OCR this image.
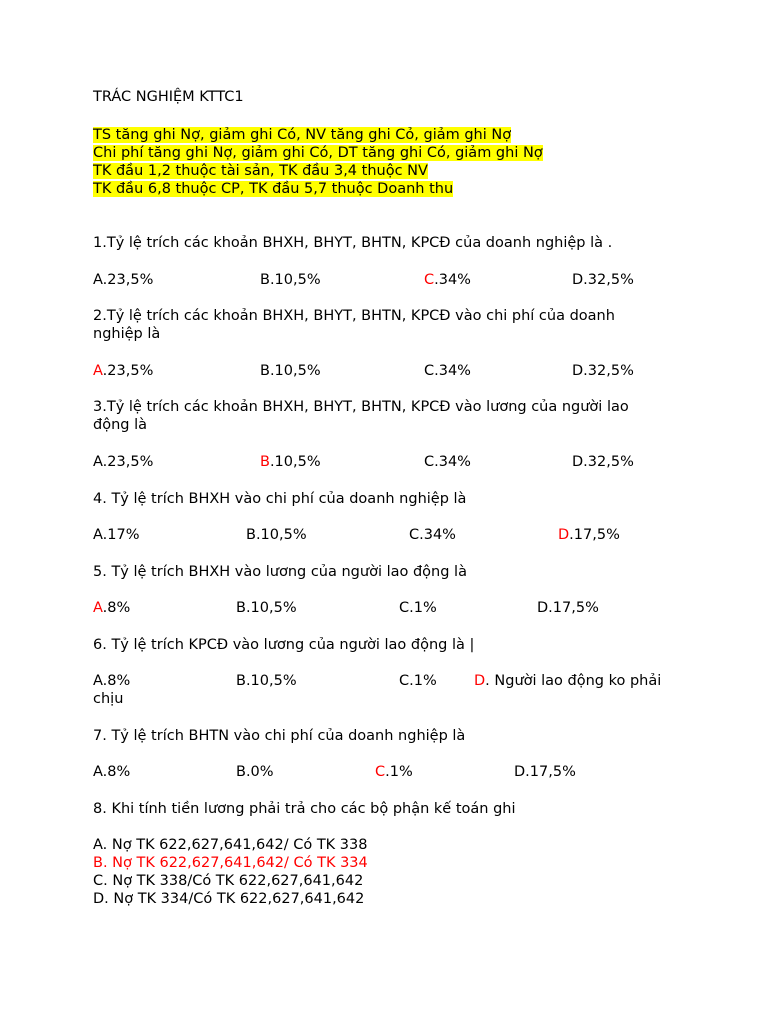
TRÁC NGHIỆM KTTC1
TS tăng ghi Nợ, giảm ghi Có, NV tăng ghi Cỏ, giảm ghi Nợ
Chi phí tăng ghi Nợ, giảm ghi Có, DT tăng ghi Có, giảm ghi Nợ
TK đầu 1,2 thuộc tài sản, TK đầu 3,4 thuộc NV
TK đầu 6,8 thuộc CP, TK đầu 5,7 thuộc Doanh thu
1.Tỷ lệ trích các khoản BHXH, BHYT, BHTN, KPCĐ của doanh nghiệp là .
A.23,5%	B.10,5%	C.34%	D.32,5%
2.Tỷ lệ trích các khoản BHXH, BHYT, BHTN, KPCĐ vào chi phí của doanh
nghiệp là
A.23,5%	B.10,5%	C.34%	D.32,5%
3.Tỷ lệ trích các khoản BHXH, BHYT, BHTN, KPCĐ vào lương của người lao
động là
A.23,5%	B.10,5%	C.34%	D.32,5%
4. Tỷ lệ trích BHXH vào chi phí của doanh nghiệp là
A.17%	B.10,5%	C.34%	D.17,5%
5. Tỷ lệ trích BHXH vào lương của người lao động là
A.8%	B.10,5%	C.1%	D.17,5%
6. Tỷ lệ trích KPCĐ vào lương của người lao động là |
A.8%	B.10,5%	C.1%	D. Người lao động ko phải
chịu
7. Tỷ lệ trích BHTN vào chi phí của doanh nghiệp là
A.8%	B.0%	C.1%	D.17,5%
8. Khi tính tiền lương phải trả cho các bộ phận kế toán ghi
A. Nợ TK 622,627,641,642/ Có TK 338
B. Nợ TK 622,627,641,642/ Có TK 334
C. Nợ TK 338/Có TK 622,627,641,642
D. Nợ TK 334/Có TK 622,627,641,642
